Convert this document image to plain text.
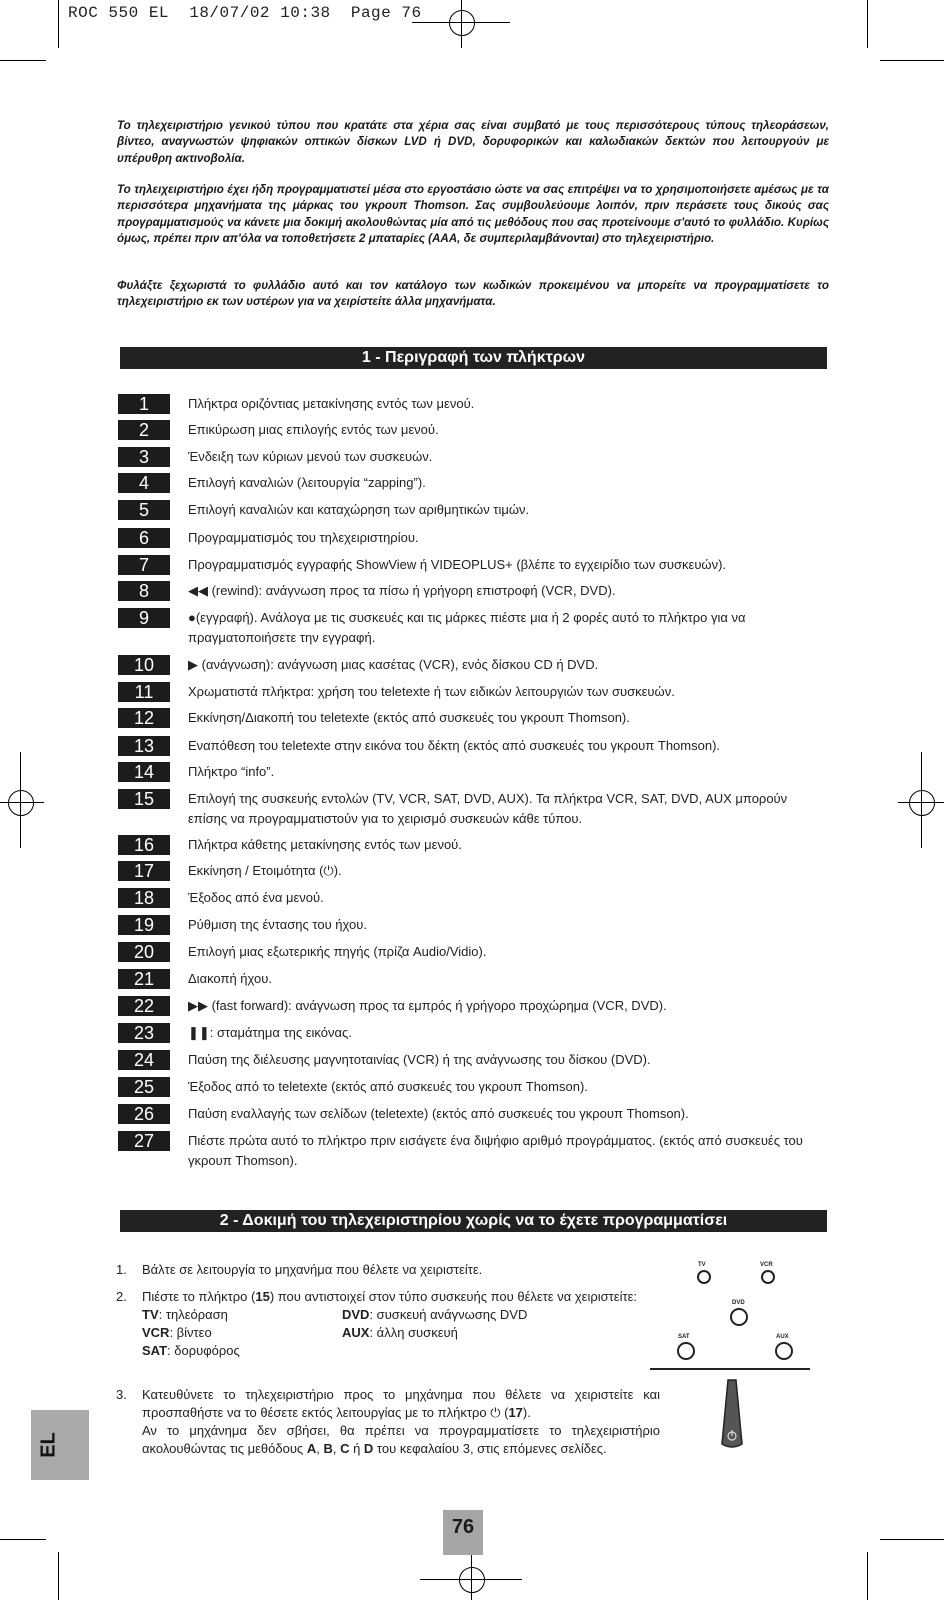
ROC 550 EL  18/07/02 10:38  Page 76

Το τηλεχειριστήριο γενικού τύπου που κρατάτε στα χέρια σας είναι συμβατό με τους περισσότερους τύπους τηλεοράσεων, βίντεο, αναγνωστών ψηφιακών οπτικών δίσκων LVD ή DVD, δορυφορικών και καλωδιακών δεκτών που λειτουργούν με υπέρυθρη ακτινοβολία.

Το τηλειχειριστήριο έχει ήδη προγραμματιστεί μέσα στο εργοστάσιο ώστε να σας επιτρέψει να το χρησιμοποιήσετε αμέσως με τα περισσότερα μηχανήματα της μάρκας του γκρουπ Thomson. Σας συμβουλεύουμε λοιπόν, πριν περάσετε τους δικούς σας προγραμματισμούς να κάνετε μια δοκιμή ακολουθώντας μία από τις μεθόδους που σας προτείνουμε σ'αυτό το φυλλάδιο. Κυρίως όμως, πρέπει πριν απ'όλα να τοποθετήσετε 2 μπαταρίες (AAA, δε συμπεριλαμβάνονται) στο τηλεχειριστήριο.

Φυλάξτε ξεχωριστά το φυλλάδιο αυτό και τον κατάλογο των κωδικών προκειμένου να μπορείτε να προγραμματίσετε το τηλεχειριστήριο εκ των υστέρων για να χειρίστείτε άλλα μηχανήματα.

1 - Περιγραφή των πλήκτρων
1	Πλήκτρα οριζόντιας μετακίνησης εντός των μενού.
2	Επικύρωση μιας επιλογής εντός των μενού.
3	Ένδειξη των κύριων μενού των συσκευών.
4	Επιλογή καναλιών (λειτουργία “zapping”).
5	Επιλογή καναλιών και καταχώρηση των αριθμητικών τιμών.
6	Προγραμματισμός του τηλεχειριστηρίου.
7	Προγραμματισμός εγγραφής ShowView ή VIDEOPLUS+ (βλέπε το εγχειρίδιο των συσκευών).
8	◀◀ (rewind): ανάγνωση προς τα πίσω ή γρήγορη επιστροφή (VCR, DVD).
9	●(εγγραφή). Ανάλογα με τις συσκευές και τις μάρκες πιέστε μια ή 2 φορές αυτό το πλήκτρο για να πραγματοποιήσετε την εγγραφή.
10	▶ (ανάγνωση): ανάγνωση μιας κασέτας (VCR), ενός δίσκου CD ή DVD.
11	Χρωματιστά πλήκτρα: χρήση του teletexte ή των ειδικών λειτουργιών των συσκευών.
12	Εκκίνηση/Διακοπή του teletexte (εκτός από συσκευές του γκρουπ Thomson).
13	Εναπόθεση του teletexte στην εικόνα του δέκτη (εκτός από συσκευές του γκρουπ Thomson).
14	Πλήκτρο “info”.
15	Επιλογή της συσκευής εντολών (TV, VCR, SAT, DVD, AUX). Τα πλήκτρα VCR, SAT, DVD, AUX μπορούν επίσης να προγραμματιστούν για το χειρισμό συσκευών κάθε τύπου.
16	Πλήκτρα κάθετης μετακίνησης εντός των μενού.
17	Εκκίνηση / Ετοιμότητα (⏻).
18	Έξοδος από ένα μενού.
19	Ρύθμιση της έντασης του ήχου.
20	Επιλογή μιας εξωτερικής πηγής (πρίζα Audio/Vidio).
21	Διακοπή ήχου.
22	▶▶ (fast forward): ανάγνωση προς τα εμπρός ή γρήγορο προχώρημα (VCR, DVD).
23	❚❚: σταμάτημα της εικόνας.
24	Παύση της διέλευσης μαγνητοταινίας (VCR) ή της ανάγνωσης του δίσκου (DVD).
25	Έξοδος από το teletexte (εκτός από συσκευές του γκρουπ Thomson).
26	Παύση εναλλαγής των σελίδων (teletexte) (εκτός από συσκευές του γκρουπ Thomson).
27	Πιέστε πρώτα αυτό το πλήκτρο πριν εισάγετε ένα διψήφιο αριθμό προγράμματος. (εκτός από συσκευές του γκρουπ Thomson).
2 - Δοκιμή του τηλεχειριστηρίου χωρίς να το έχετε προγραμματίσει
1. Βάλτε σε λειτουργία το μηχανήμα που θέλετε να χειριστείτε.
2. Πιέστε το πλήκτρο (15) που αντιστοιχεί στον τύπο συσκευής που θέλετε να χειριστείτε:
TV: τηλεόραση	DVD: συσκευή ανάγνωσης DVD
VCR: βίντεο	AUX: άλλη συσκευή
SAT: δορυφόρος
3. Κατευθύνετε το τηλεχειριστήριο προς το μηχάνημα που θέλετε να χειριστείτε και προσπαθήστε να το θέσετε εκτός λειτουργίας με το πλήκτρο ⏻ (17).
Αν το μηχάνημα δεν σβήσει, θα πρέπει να προγραμματίσετε το τηλεχειριστήριο ακολουθώντας τις μεθόδους A, B, C ή D του κεφαλαίου 3, στις επόμενες σελίδες.
TV	VCR
DVD
SAT	AUX
EL
76
